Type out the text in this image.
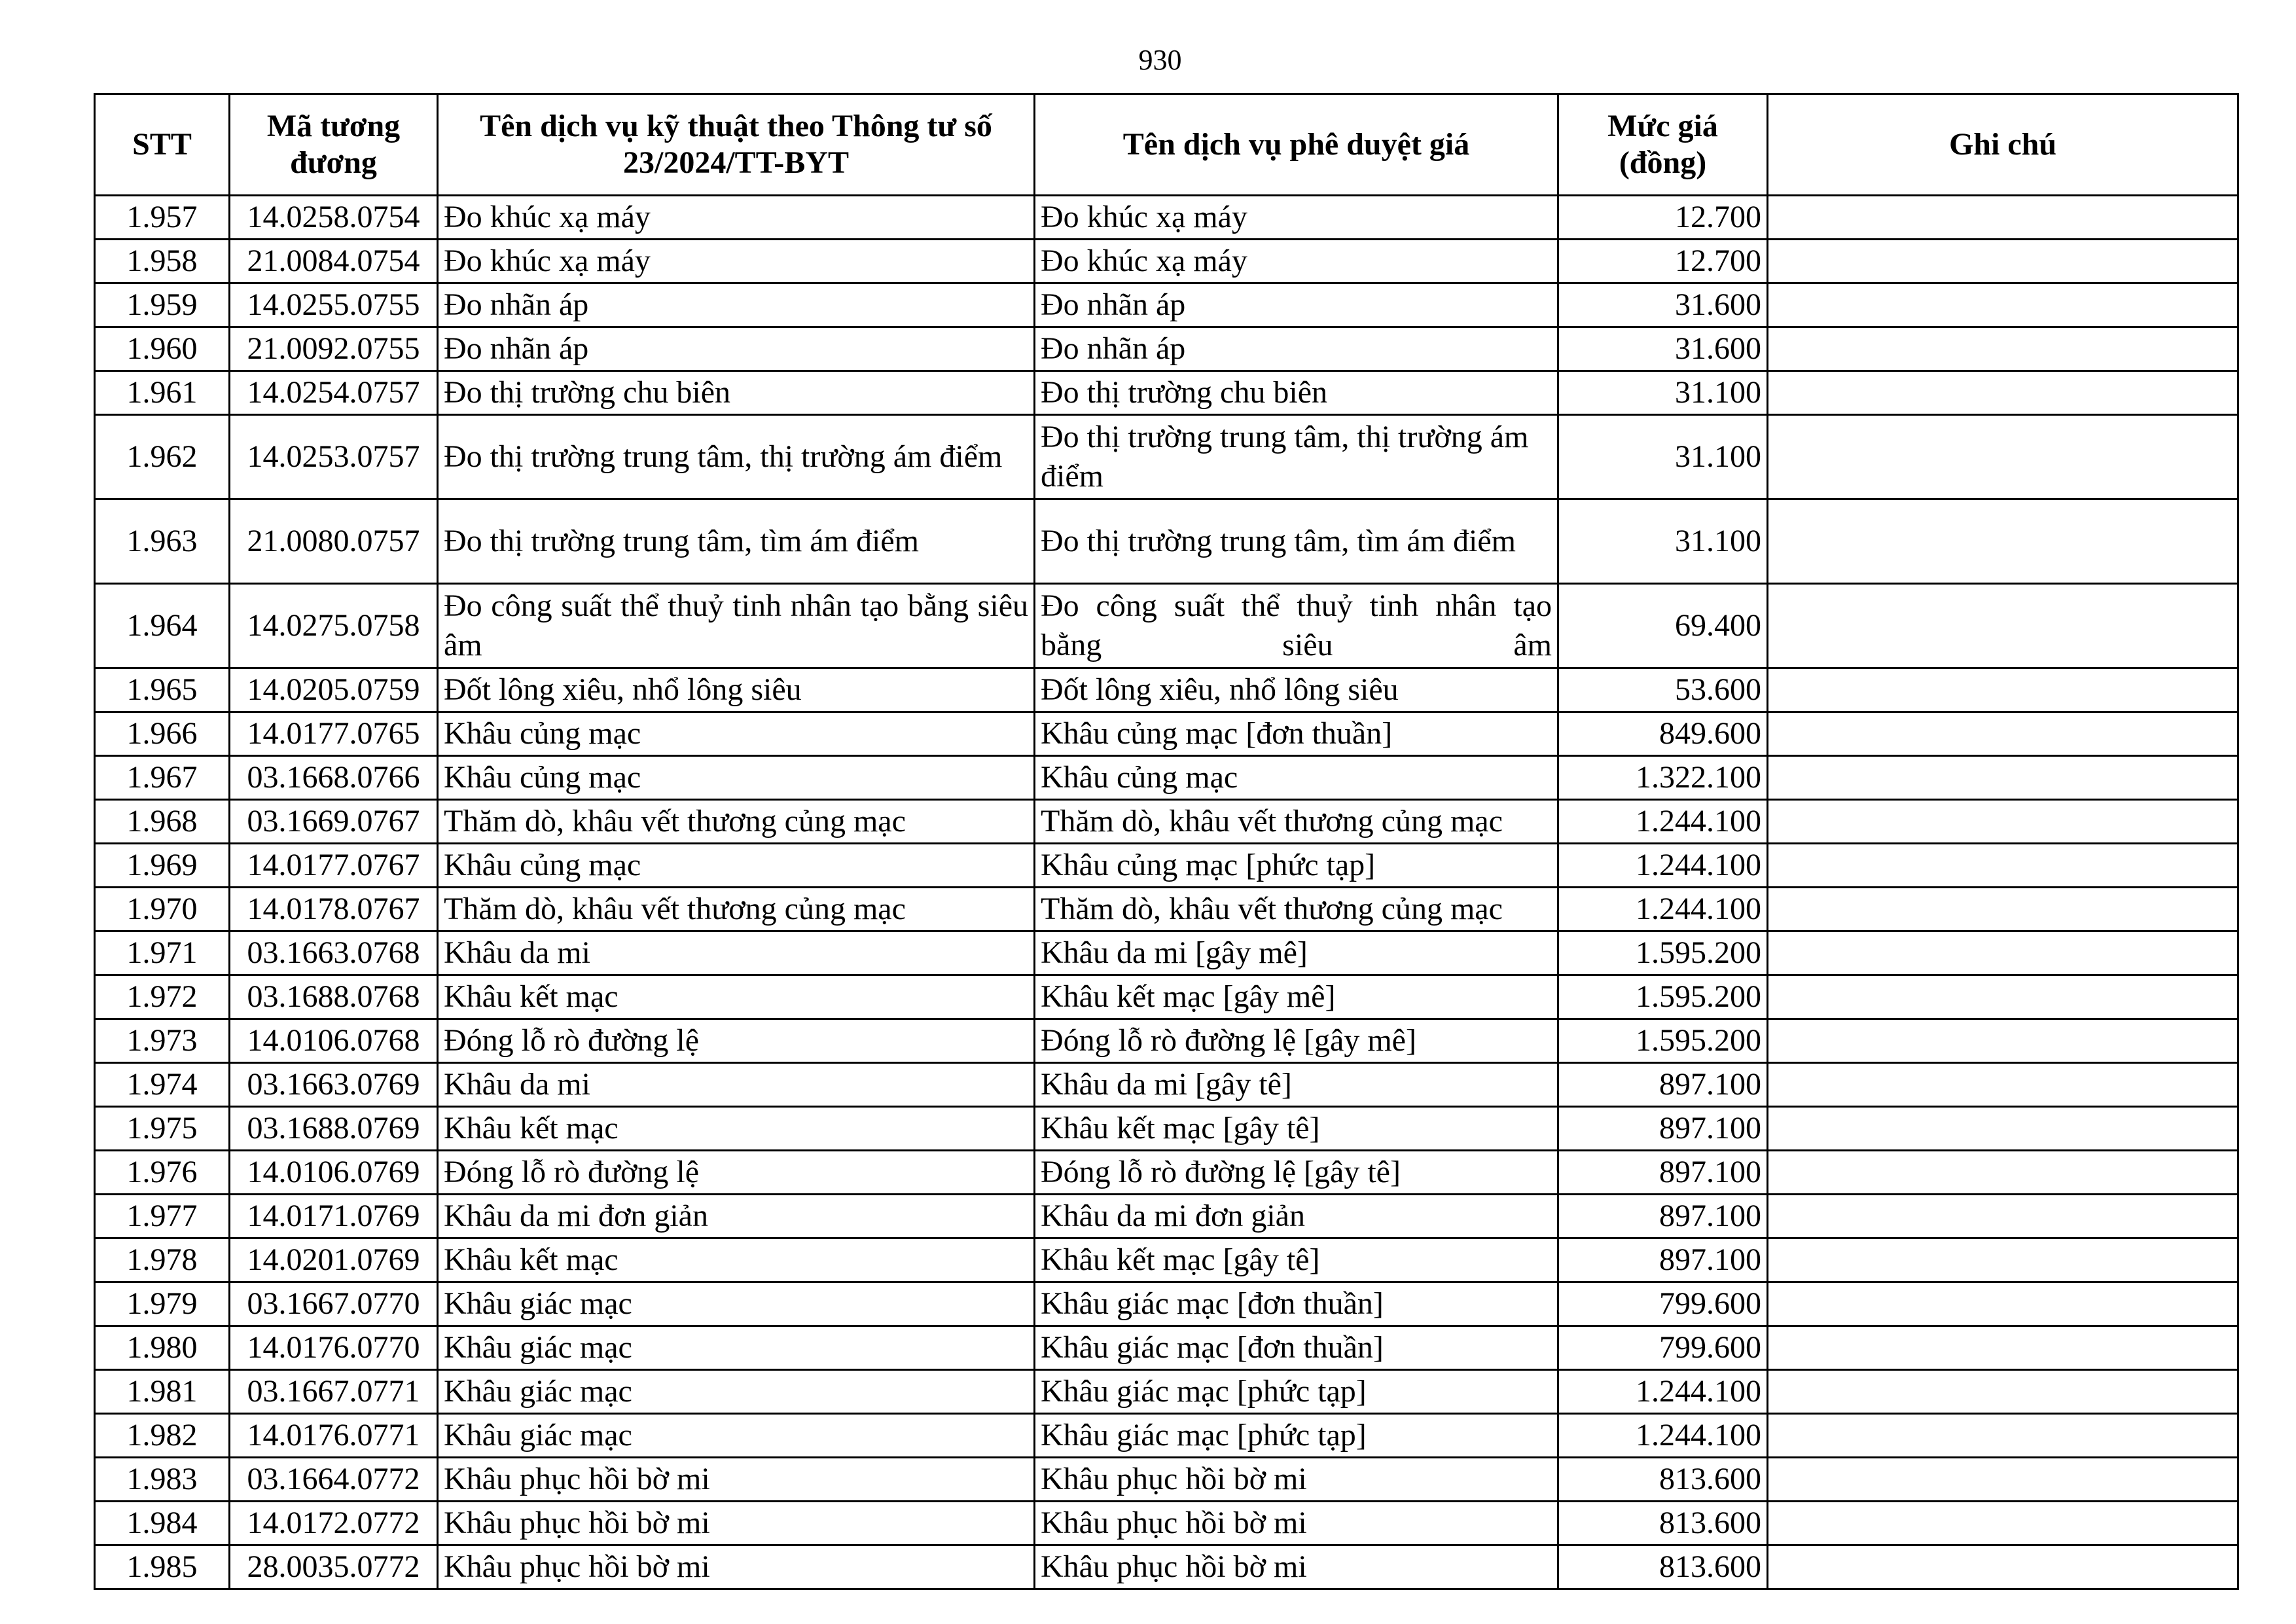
930
STT	Mã tương đương	Tên dịch vụ kỹ thuật theo Thông tư số 23/2024/TT-BYT	Tên dịch vụ phê duyệt giá	Mức giá (đồng)	Ghi chú
1.957	14.0258.0754	Đo khúc xạ máy	Đo khúc xạ máy	12.700	
1.958	21.0084.0754	Đo khúc xạ máy	Đo khúc xạ máy	12.700	
1.959	14.0255.0755	Đo nhãn áp	Đo nhãn áp	31.600	
1.960	21.0092.0755	Đo nhãn áp	Đo nhãn áp	31.600	
1.961	14.0254.0757	Đo thị trường chu biên	Đo thị trường chu biên	31.100	
1.962	14.0253.0757	Đo thị trường trung tâm, thị trường ám điểm	Đo thị trường trung tâm, thị trường ám điểm	31.100	
1.963	21.0080.0757	Đo thị trường trung tâm, tìm ám điểm	Đo thị trường trung tâm, tìm ám điểm	31.100	
1.964	14.0275.0758	Đo công suất thể thuỷ tinh nhân tạo bằng siêu âm	Đo công suất thể thuỷ tinh nhân tạo bằng siêu âm	69.400	
1.965	14.0205.0759	Đốt lông xiêu, nhổ lông siêu	Đốt lông xiêu, nhổ lông siêu	53.600	
1.966	14.0177.0765	Khâu củng mạc	Khâu củng mạc [đơn thuần]	849.600	
1.967	03.1668.0766	Khâu củng mạc	Khâu củng mạc	1.322.100	
1.968	03.1669.0767	Thăm dò, khâu vết thương củng mạc	Thăm dò, khâu vết thương củng mạc	1.244.100	
1.969	14.0177.0767	Khâu củng mạc	Khâu củng mạc [phức tạp]	1.244.100	
1.970	14.0178.0767	Thăm dò, khâu vết thương củng mạc	Thăm dò, khâu vết thương củng mạc	1.244.100	
1.971	03.1663.0768	Khâu da mi	Khâu da mi [gây mê]	1.595.200	
1.972	03.1688.0768	Khâu kết mạc	Khâu kết mạc [gây mê]	1.595.200	
1.973	14.0106.0768	Đóng lỗ rò đường lệ	Đóng lỗ rò đường lệ [gây mê]	1.595.200	
1.974	03.1663.0769	Khâu da mi	Khâu da mi [gây tê]	897.100	
1.975	03.1688.0769	Khâu kết mạc	Khâu kết mạc [gây tê]	897.100	
1.976	14.0106.0769	Đóng lỗ rò đường lệ	Đóng lỗ rò đường lệ [gây tê]	897.100	
1.977	14.0171.0769	Khâu da mi đơn giản	Khâu da mi đơn giản	897.100	
1.978	14.0201.0769	Khâu kết mạc	Khâu kết mạc [gây tê]	897.100	
1.979	03.1667.0770	Khâu giác mạc	Khâu giác mạc [đơn thuần]	799.600	
1.980	14.0176.0770	Khâu giác mạc	Khâu giác mạc [đơn thuần]	799.600	
1.981	03.1667.0771	Khâu giác mạc	Khâu giác mạc [phức tạp]	1.244.100	
1.982	14.0176.0771	Khâu giác mạc	Khâu giác mạc [phức tạp]	1.244.100	
1.983	03.1664.0772	Khâu phục hồi bờ mi	Khâu phục hồi bờ mi	813.600	
1.984	14.0172.0772	Khâu phục hồi bờ mi	Khâu phục hồi bờ mi	813.600	
1.985	28.0035.0772	Khâu phục hồi bờ mi	Khâu phục hồi bờ mi	813.600	
